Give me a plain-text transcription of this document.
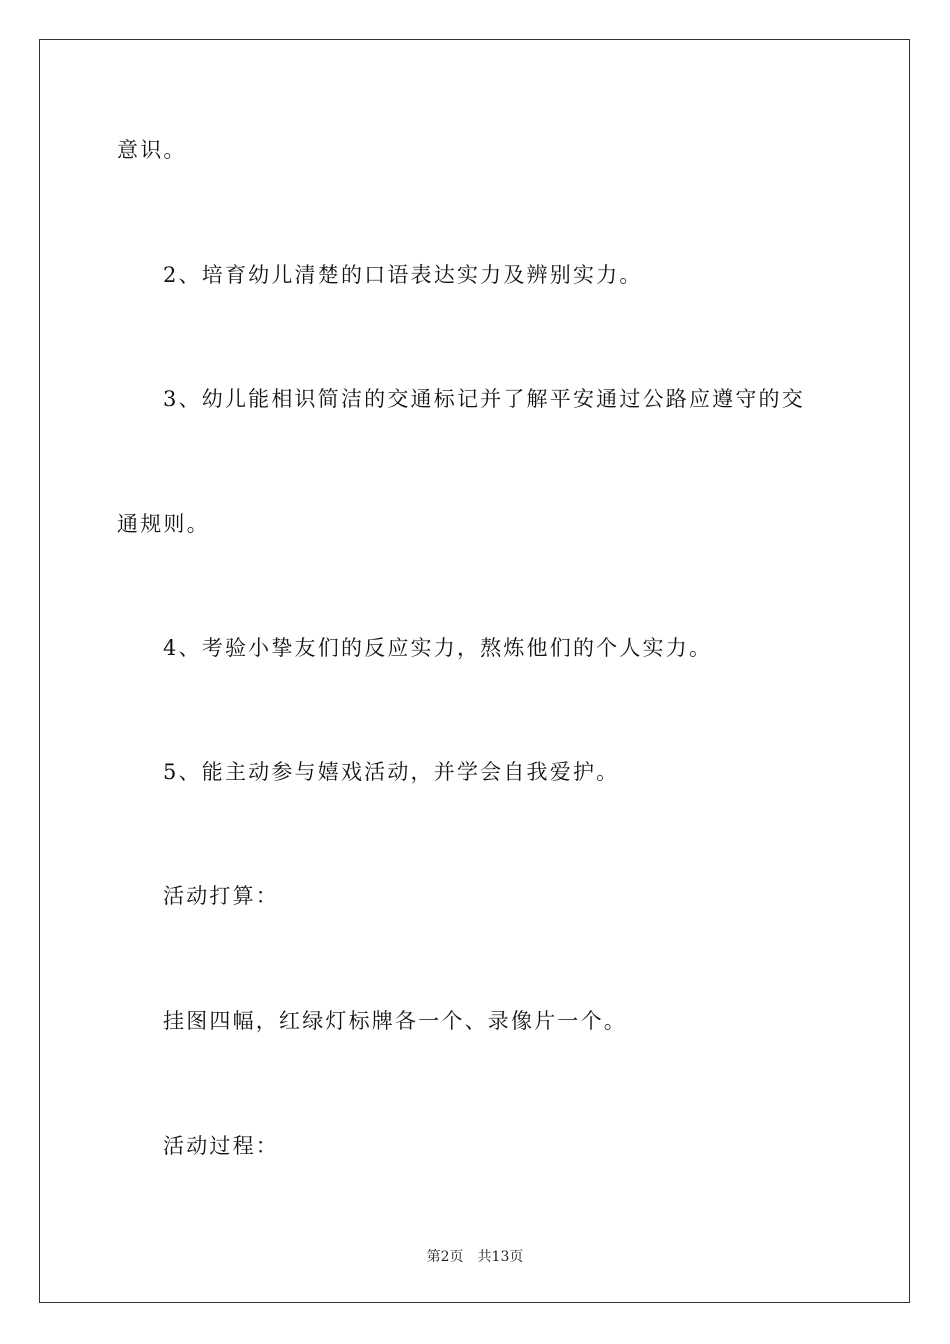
意识。
2、培育幼儿清楚的口语表达实力及辨别实力。
3、幼儿能相识简洁的交通标记并了解平安通过公路应遵守的交
通规则。
4、考验小挚友们的反应实力，熬炼他们的个人实力。
5、能主动参与嬉戏活动，并学会自我爱护。
活动打算：
挂图四幅，红绿灯标牌各一个、录像片一个。
活动过程：
第2页 共13页
